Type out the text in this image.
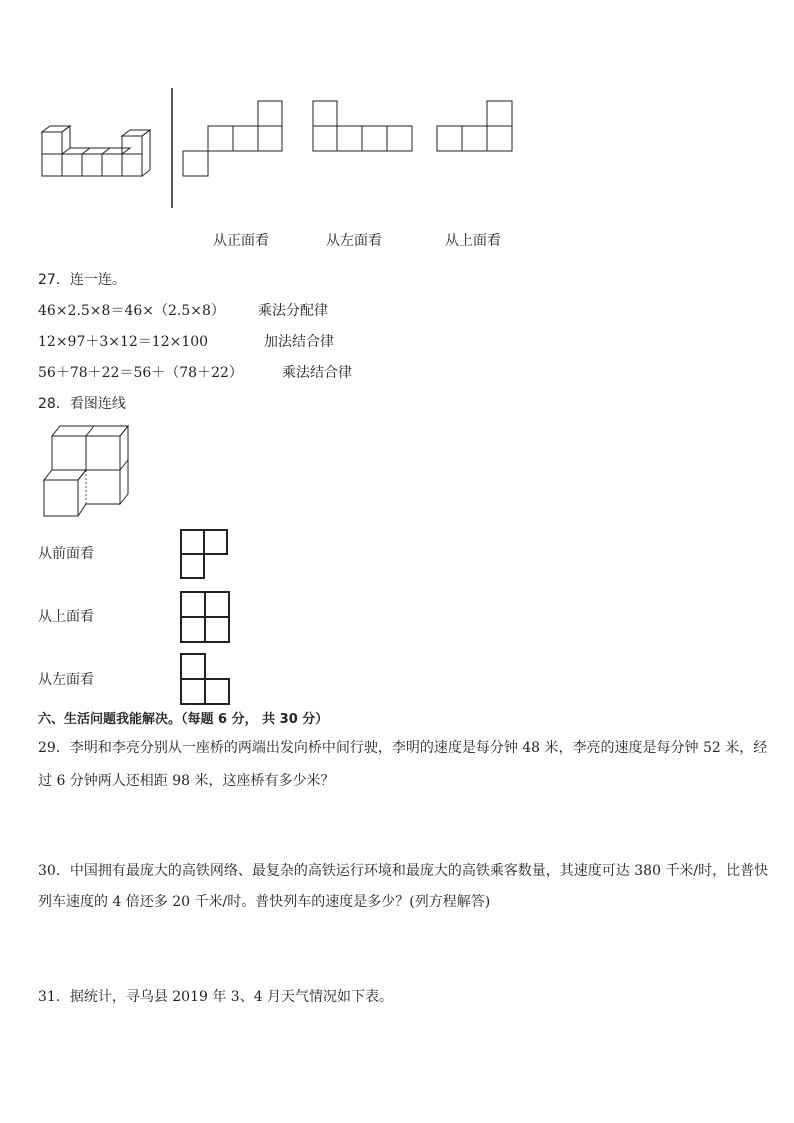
从正面看	从左面看	从上面看
27．连一连。
46×2.5×8＝46×（2.5×8） 乘法分配律
12×97＋3×12＝12×100	加法结合律
56＋78＋22＝56＋（78＋22）	乘法结合律
28．看图连线
从前面看
从上面看
从左面看
六、生活问题我能解决。（每题 6 分， 共 30 分）
29．李明和李亮分别从一座桥的两端出发向桥中间行驶，李明的速度是每分钟 48 米，李亮的速度是每分钟 52 米，经
过 6 分钟两人还相距 98 米，这座桥有多少米？
30．中国拥有最庞大的高铁网络、最复杂的高铁运行环境和最庞大的高铁乘客数量，其速度可达 380 千米/时，比普快
列车速度的 4 倍还多 20 千米/时。普快列车的速度是多少？(列方程解答)
31．据统计，寻乌县 2019 年 3、4 月天气情况如下表。
